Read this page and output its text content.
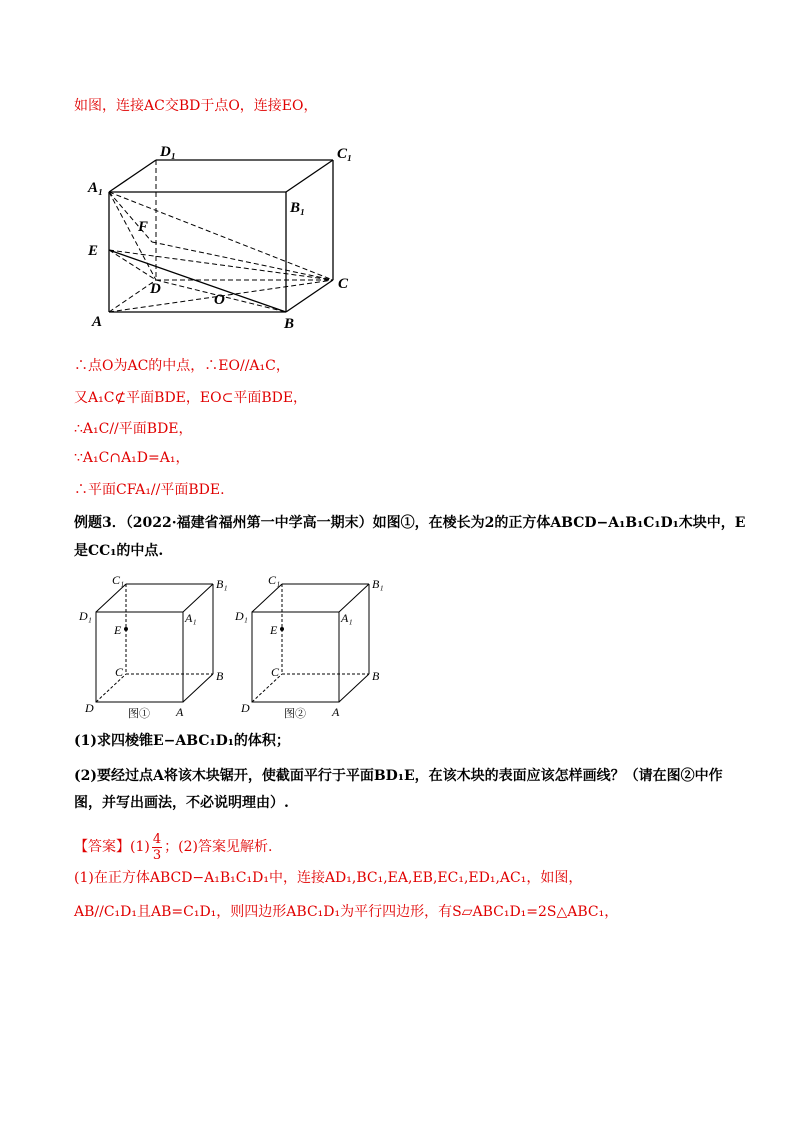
如图，连接AC交BD于点O，连接EO，
D₁	C₁
A₁
B₁
F
E
D
O
C
A	B
∴点O为AC的中点，∴EO//A₁C，
又A₁C⊄平面BDE，EO⊂平面BDE，
∴A₁C//平面BDE，
∵A₁C∩A₁D=A₁，
∴平面CFA₁//平面BDE.
例题3．（2022·福建省福州第一中学高一期末）如图①，在棱长为2的正方体ABCD−A₁B₁C₁D₁木块中，E
是CC₁的中点.
C₁	B₁
D₁	A₁
E
C	B
D	A
图①
C₁	B₁
D₁	A₁
E
C	B
D	A
图②
(1)求四棱锥E−ABC₁D₁的体积；
(2)要经过点A将该木块锯开，使截面平行于平面BD₁E，在该木块的表面应该怎样画线？（请在图②中作
图，并写出画法，不必说明理由）.
【答案】$(1) \frac{4}{3}$ ；(2)答案见解析.
(1)在正方体ABCD−A₁B₁C₁D₁中，连接AD₁,BC₁,EA,EB,EC₁,ED₁,AC₁，如图，
AB//C₁D₁且AB=C₁D₁，则四边形ABC₁D₁为平行四边形，有S▱ABC₁D₁=2S△ABC₁，
